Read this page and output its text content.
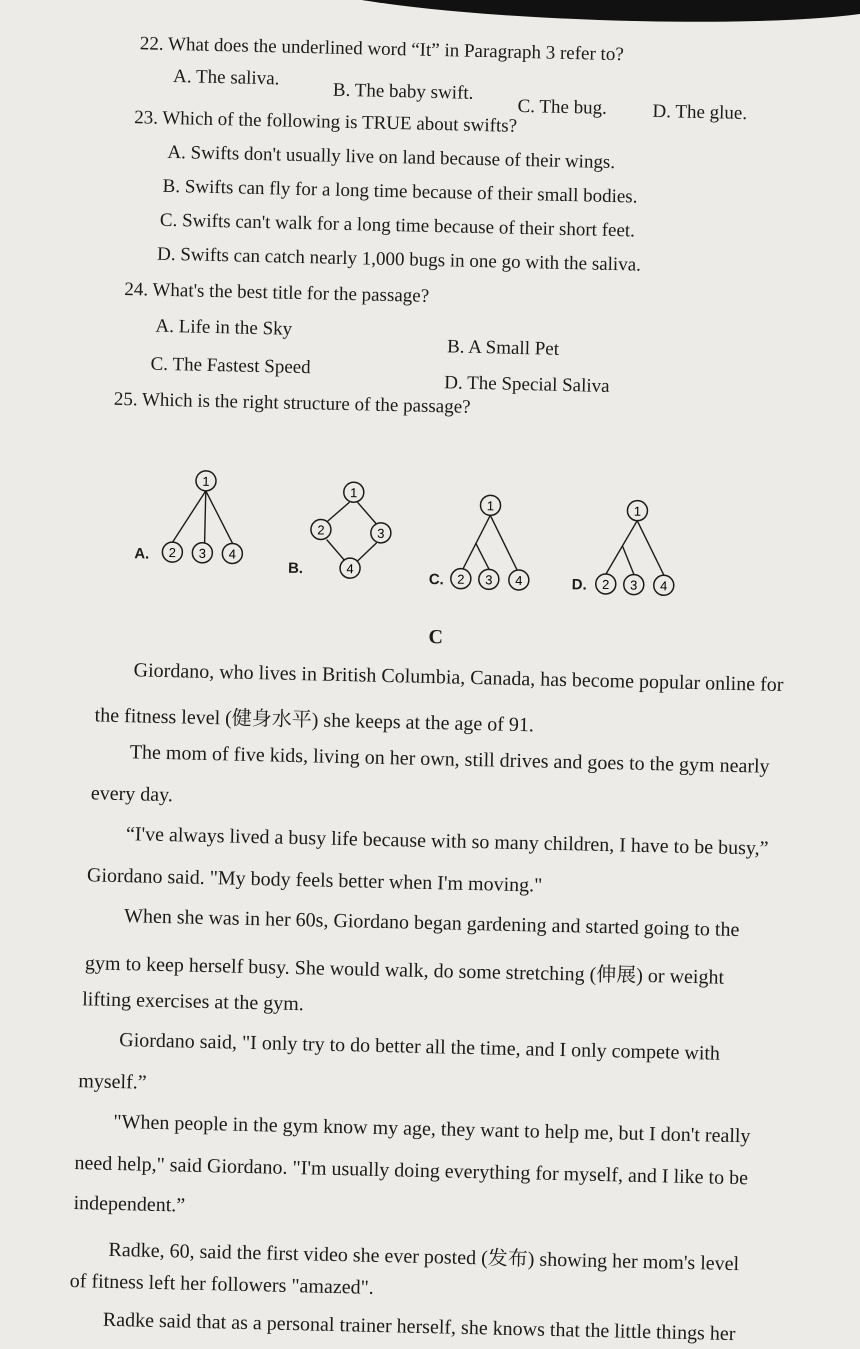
22. What does the underlined word “It” in Paragraph 3 refer to?
A. The saliva.
B. The baby swift.
C. The bug. D. The glue.
23. Which of the following is TRUE about swifts?
A. Swifts don't usually live on land because of their wings.
B. Swifts can fly for a long time because of their small bodies.
C. Swifts can't walk for a long time because of their short feet.
D. Swifts can catch nearly 1,000 bugs in one go with the saliva.
24. What's the best title for the passage?
A. Life in the Sky
B. A Small Pet
C. The Fastest Speed
D. The Special Saliva
25. Which is the right structure of the passage?
A.
1
2 3 4
B.
1
2	3
4
C.
1
2 3 4	D.
1
2 3 4
C
Giordano, who lives in British Columbia, Canada, has become popular online for
the fitness level (健身水平) she keeps at the age of 91.
The mom of five kids, living on her own, still drives and goes to the gym nearly
every day.
“I've always lived a busy life because with so many children, I have to be busy,”
Giordano said. "My body feels better when I'm moving."
When she was in her 60s, Giordano began gardening and started going to the
gym to keep herself busy. She would walk, do some stretching (伸展) or weight
lifting exercises at the gym.
Giordano said, "I only try to do better all the time, and I only compete with
myself.”
"When people in the gym know my age, they want to help me, but I don't really
need help," said Giordano. "I'm usually doing everything for myself, and I like to be
independent.”
Radke, 60, said the first video she ever posted (发布) showing her mom's level
of fitness left her followers "amazed".
Radke said that as a personal trainer herself, she knows that the little things her
